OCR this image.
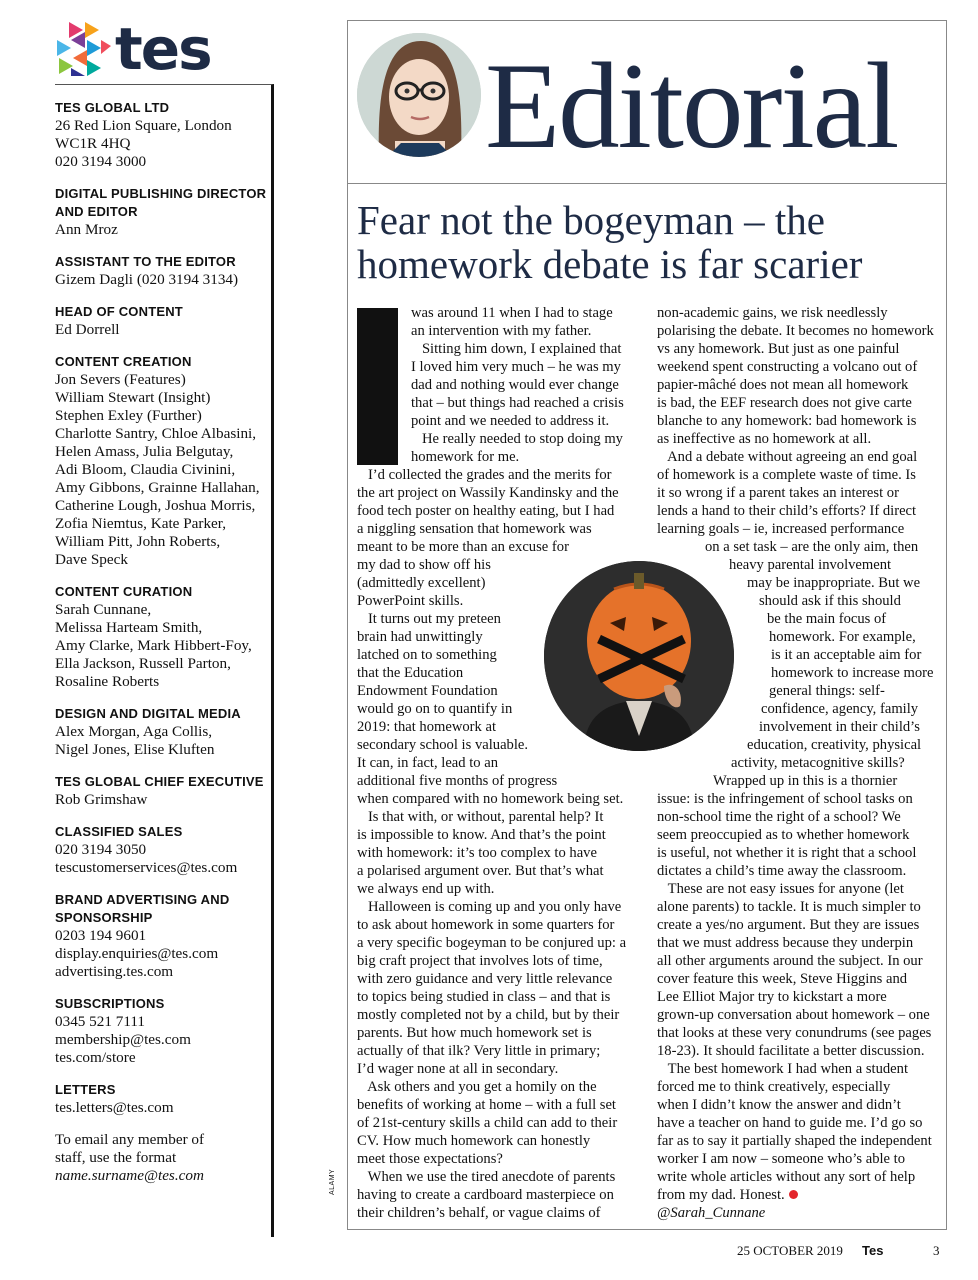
tes
TES GLOBAL LTD
26 Red Lion Square, London
WC1R 4HQ
020 3194 3000
DIGITAL PUBLISHING DIRECTOR AND EDITOR
Ann Mroz
ASSISTANT TO THE EDITOR
Gizem Dagli (020 3194 3134)
HEAD OF CONTENT
Ed Dorrell
CONTENT CREATION
Jon Severs (Features)
William Stewart (Insight)
Stephen Exley (Further)
Charlotte Santry, Chloe Albasini,
Helen Amass, Julia Belgutay,
Adi Bloom, Claudia Civinini,
Amy Gibbons, Grainne Hallahan,
Catherine Lough, Joshua Morris,
Zofia Niemtus, Kate Parker,
William Pitt, John Roberts,
Dave Speck
CONTENT CURATION
Sarah Cunnane,
Melissa Harteam Smith,
Amy Clarke, Mark Hibbert-Foy,
Ella Jackson, Russell Parton,
Rosaline Roberts
DESIGN AND DIGITAL MEDIA
Alex Morgan, Aga Collis,
Nigel Jones, Elise Kluften
TES GLOBAL CHIEF EXECUTIVE
Rob Grimshaw
CLASSIFIED SALES
020 3194 3050
tescustomerservices@tes.com
BRAND ADVERTISING AND SPONSORSHIP
0203 194 9601
display.enquiries@tes.com
advertising.tes.com
SUBSCRIPTIONS
0345 521 7111
membership@tes.com
tes.com/store
LETTERS
tes.letters@tes.com
To email any member of
staff, use the format
name.surname@tes.com	ALAMY
Editorial
Fear not the bogeyman – the homework debate is far scarier
was around 11 when I had to stage
an intervention with my father.
Sitting him down, I explained that
I loved him very much – he was my
dad and nothing would ever change
that – but things had reached a crisis
point and we needed to address it.
He really needed to stop doing my
homework for me.
I’d collected the grades and the merits for
the art project on Wassily Kandinsky and the
food tech poster on healthy eating, but I had
a niggling sensation that homework was
meant to be more than an excuse for
my dad to show off his
(admittedly excellent)
PowerPoint skills.
It turns out my preteen
brain had unwittingly
latched on to something
that the Education
Endowment Foundation
would go on to quantify in
2019: that homework at
secondary school is valuable.
It can, in fact, lead to an
additional five months of progress
when compared with no homework being set.
Is that with, or without, parental help? It
is impossible to know. And that’s the point
with homework: it’s too complex to have
a polarised argument over. But that’s what
we always end up with.
Halloween is coming up and you only have
to ask about homework in some quarters for
a very specific bogeyman to be conjured up: a
big craft project that involves lots of time,
with zero guidance and very little relevance
to topics being studied in class – and that is
mostly completed not by a child, but by their
parents. But how much homework set is
actually of that ilk? Very little in primary;
I’d wager none at all in secondary.
Ask others and you get a homily on the
benefits of working at home – with a full set
of 21st-century skills a child can add to their
CV. How much homework can honestly
meet those expectations?
When we use the tired anecdote of parents
having to create a cardboard masterpiece on
their children’s behalf, or vague claims of
non-academic gains, we risk needlessly
polarising the debate. It becomes no homework
vs any homework. But just as one painful
weekend spent constructing a volcano out of
papier-mâché does not mean all homework
is bad, the EEF research does not give carte
blanche to any homework: bad homework is
as ineffective as no homework at all.
And a debate without agreeing an end goal
of homework is a complete waste of time. Is
it so wrong if a parent takes an interest or
lends a hand to their child’s efforts? If direct
learning goals – ie, increased performance
on a set task – are the only aim, then
heavy parental involvement
may be inappropriate. But we
should ask if this should
be the main focus of
homework. For example,
is it an acceptable aim for
homework to increase more
general things: self-
confidence, agency, family
involvement in their child’s
education, creativity, physical
activity, metacognitive skills?
Wrapped up in this is a thornier
issue: is the infringement of school tasks on
non-school time the right of a school? We
seem preoccupied as to whether homework
is useful, not whether it is right that a school
dictates a child’s time away the classroom.
These are not easy issues for anyone (let
alone parents) to tackle. It is much simpler to
create a yes/no argument. But they are issues
that we must address because they underpin
all other arguments around the subject. In our
cover feature this week, Steve Higgins and
Lee Elliot Major try to kickstart a more
grown-up conversation about homework – one
that looks at these very conundrums (see pages
18-23). It should facilitate a better discussion.
The best homework I had when a student
forced me to think creatively, especially
when I didn’t know the answer and didn’t
have a teacher on hand to guide me. I’d go so
far as to say it partially shaped the independent
worker I am now – someone who’s able to
write whole articles without any sort of help
from my dad. Honest.
@Sarah_Cunnane
25 OCTOBER 2019 Tes	3
